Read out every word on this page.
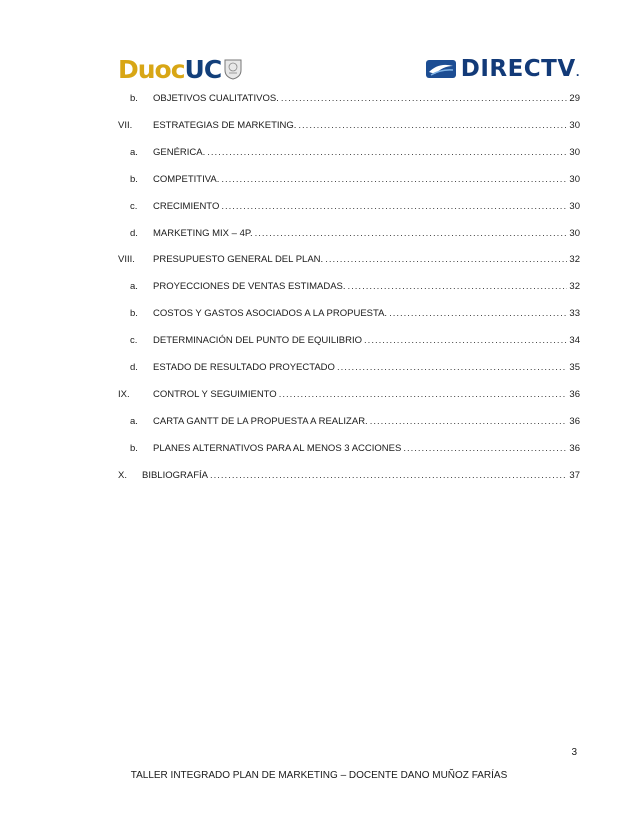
DuocUC	DIRECTV.
b.	OBJETIVOS CUALITATIVOS. .....	29
VII.	ESTRATEGIAS DE MARKETING. .....	30
a.	GENÉRICA. .....	30
b.	COMPETITIVA. .....	30
c.	CRECIMIENTO .....	30
d.	MARKETING MIX – 4P. .....	30
VIII.	PRESUPUESTO GENERAL DEL PLAN. .....	32
a.	PROYECCIONES DE VENTAS ESTIMADAS. .....	32
b.	COSTOS Y GASTOS ASOCIADOS A LA PROPUESTA. .....	33
c.	DETERMINACIÓN DEL PUNTO DE EQUILIBRIO .....	34
d.	ESTADO DE RESULTADO PROYECTADO .....	35
IX.	CONTROL Y SEGUIMIENTO .....	36
a.	CARTA GANTT DE LA PROPUESTA A REALIZAR. .....	36
b.	PLANES ALTERNATIVOS PARA AL MENOS 3 ACCIONES .....	36
X.	BIBLIOGRAFÍA .....	37
3
TALLER INTEGRADO PLAN DE MARKETING – DOCENTE DANO MUÑOZ FARÍAS
